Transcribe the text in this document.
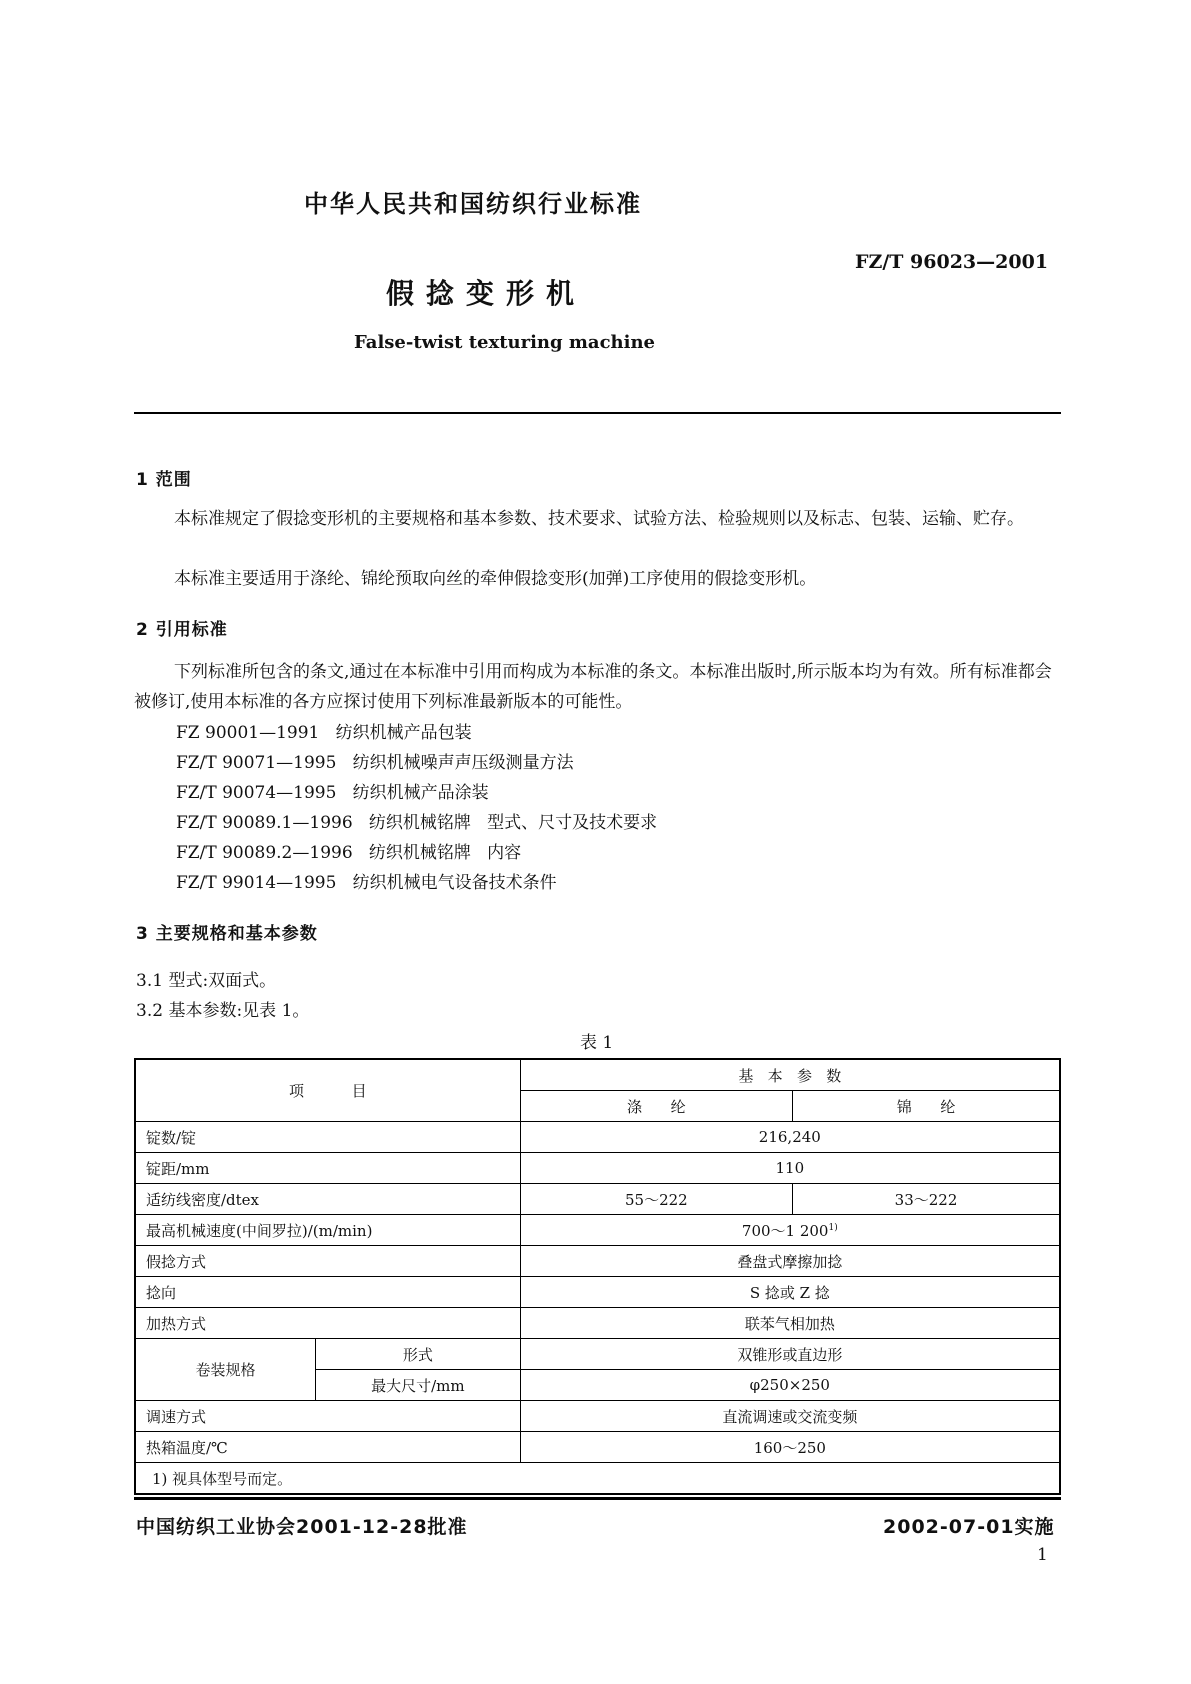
中华人民共和国纺织行业标准
FZ/T 96023—2001
假捻变形机
False-twist texturing machine
1 范围
本标准规定了假捻变形机的主要规格和基本参数、技术要求、试验方法、检验规则以及标志、包装、运输、贮存。
本标准主要适用于涤纶、锦纶预取向丝的牵伸假捻变形(加弹)工序使用的假捻变形机。
2 引用标准
下列标准所包含的条文,通过在本标准中引用而构成为本标准的条文。本标准出版时,所示版本均为有效。所有标准都会被修订,使用本标准的各方应探讨使用下列标准最新版本的可能性。
FZ 90001—1991   纺织机械产品包装
FZ/T 90071—1995   纺织机械噪声声压级测量方法
FZ/T 90074—1995   纺织机械产品涂装
FZ/T 90089.1—1996   纺织机械铭牌   型式、尺寸及技术要求
FZ/T 90089.2—1996   纺织机械铭牌   内容
FZ/T 99014—1995   纺织机械电气设备技术条件
3 主要规格和基本参数
3.1 型式:双面式。
3.2 基本参数:见表 1。
表 1
项          目		基   本   参   数	
		涤      纶	锦      纶
锭数/锭		216,240	
锭距/mm		110	
适纺线密度/dtex		55～222	33～222
最高机械速度(中间罗拉)/(m/min)		700～1 200$^{1)}$
假捻方式		叠盘式摩擦加捻	
捻向		S 捻或 Z 捻	
加热方式		联苯气相加热	
卷装规格	形式	双锥形或直边形	
	最大尺寸/mm	φ250×250	
调速方式		直流调速或交流变频	
热箱温度/℃		160～250	
1) 视具体型号而定。			
中国纺织工业协会2001-12-28批准	2002-07-01实施
1
